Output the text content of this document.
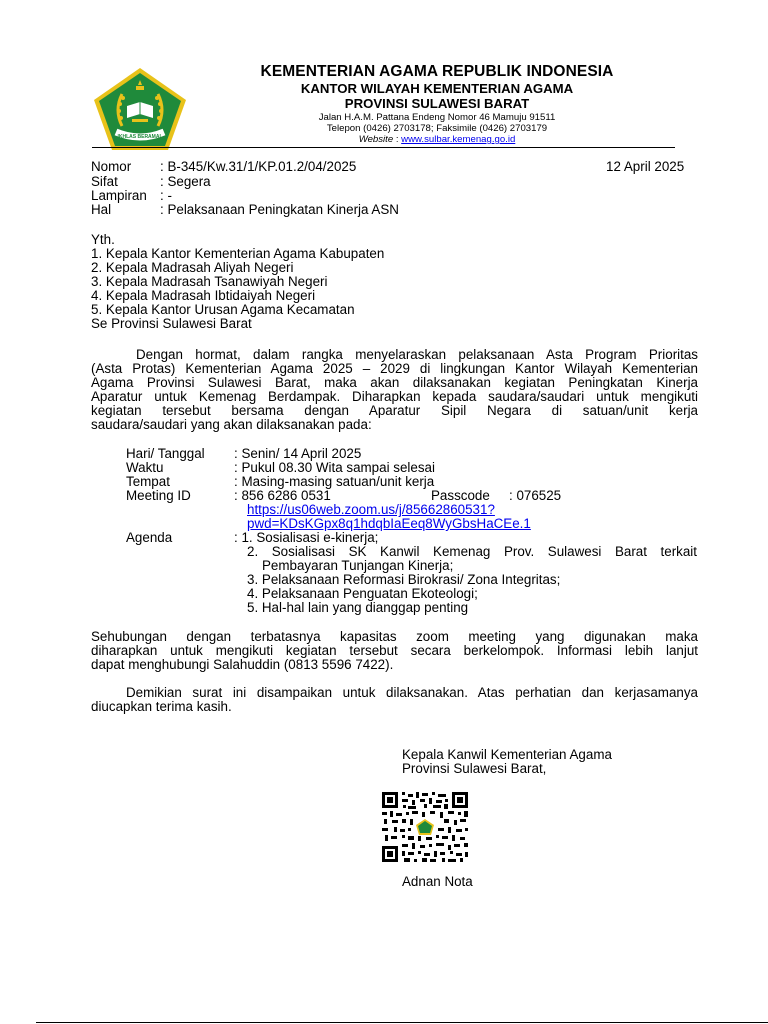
IKHLAS BERAMAL
KEMENTERIAN AGAMA REPUBLIK INDONESIA
KANTOR WILAYAH KEMENTERIAN AGAMA
PROVINSI SULAWESI BARAT
Jalan H.A.M. Pattana Endeng Nomor 46 Mamuju 91511
Telepon (0426) 2703178; Faksimile (0426) 2703179
Website : www.sulbar.kemenag.go.id
Nomor : B-345/Kw.31/1/KP.01.2/04/2025	12 April 2025
Sifat	: Segera
Lampiran : -
Hal	: Pelaksanaan Peningkatan Kinerja ASN
Yth.
1. Kepala Kantor Kementerian Agama Kabupaten
2. Kepala Madrasah Aliyah Negeri
3. Kepala Madrasah Tsanawiyah Negeri
4. Kepala Madrasah Ibtidaiyah Negeri
5. Kepala Kantor Urusan Agama Kecamatan
Se Provinsi Sulawesi Barat
Dengan hormat, dalam rangka menyelaraskan pelaksanaan Asta Program Prioritas
(Asta Protas) Kementerian Agama 2025 – 2029 di lingkungan Kantor Wilayah Kementerian
Agama Provinsi Sulawesi Barat, maka akan dilaksanakan kegiatan Peningkatan Kinerja
Aparatur untuk Kemenag Berdampak. Diharapkan kepada saudara/saudari untuk mengikuti
kegiatan tersebut bersama dengan Aparatur Sipil Negara di satuan/unit kerja
saudara/saudari yang akan dilaksanakan pada:
Hari/ Tanggal : Senin/ 14 April 2025
Waktu	: Pukul 08.30 Wita sampai selesai
Tempat	: Masing-masing satuan/unit kerja
Meeting ID	: 856 6286 0531	Passcode : 076525
https://us06web.zoom.us/j/85662860531?
pwd=KDsKGpx8q1hdqbIaEeq8WyGbsHaCEe.1
Agenda	: 1. Sosialisasi e-kinerja;
2. Sosialisasi SK Kanwil Kemenag Prov. Sulawesi Barat terkait
Pembayaran Tunjangan Kinerja;
3. Pelaksanaan Reformasi Birokrasi/ Zona Integritas;
4. Pelaksanaan Penguatan Ekoteologi;
5. Hal-hal lain yang dianggap penting
Sehubungan dengan terbatasnya kapasitas zoom meeting yang digunakan maka
diharapkan untuk mengikuti kegiatan tersebut secara berkelompok. Informasi lebih lanjut
dapat menghubungi Salahuddin (0813 5596 7422).
Demikian surat ini disampaikan untuk dilaksanakan. Atas perhatian dan kerjasamanya
diucapkan terima kasih.
Kepala Kanwil Kementerian Agama
Provinsi Sulawesi Barat,
Adnan Nota
